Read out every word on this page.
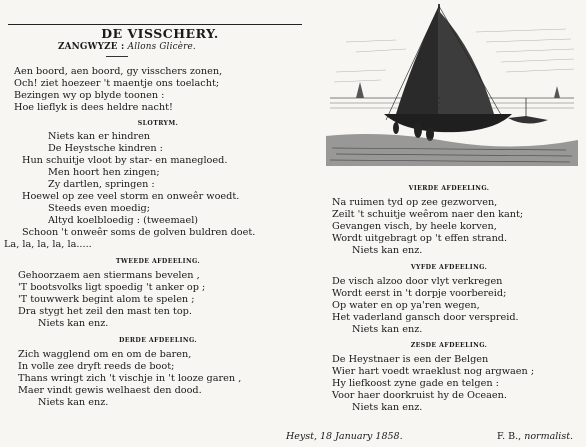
DE VISSCHERY.
ZANGWYZE : Allons Glicère.
Aen boord, aen boord, gy visschers zonen,
Och! ziet hoezeer 't maentje ons toelacht;
Bezingen wy op blyde toonen :
Hoe lieflyk is dees heldre nacht!
SLOTRYM.
Niets kan er hindren
De Heystsche kindren :
Hun schuitje vloot by star- en manegloed.
Men hoort hen zingen;
Zy dartlen, springen :
Hoewel op zee veel storm en onweêr woedt.
Steeds even moedig;
Altyd koelbloedig : (tweemael)
Schoon 't onweêr soms de golven buldren doet.
La, la, la, la, la.....
TWEEDE AFDEELING.
Gehoorzaem aen stiermans bevelen ,
'T bootsvolks ligt spoedig 't anker op ;
'T touwwerk begint alom te spelen ;
Dra stygt het zeil den mast ten top.
Niets kan enz.
DERDE AFDEELING.
Zich wagglend om en om de baren,
In volle zee dryft reeds de boot;
Thans wringt zich 't vischje in 't looze garen ,
Maer vindt gewis welhaest den dood.
Niets kan enz.
VIERDE AFDEELING.
Na ruimen tyd op zee gezworven,
Zeilt 't schuitje weêrom naer den kant;
Gevangen visch, by heele korven,
Wordt uitgebragt op 't effen strand.
Niets kan enz.
VYFDE AFDEELING.
De visch alzoo door vlyt verkregen
Wordt eerst in 't dorpje voorbereid;
Op water en op ya'ren wegen,
Het vaderland gansch door verspreid.
Niets kan enz.
ZESDE AFDEELING.
De Heystnaer is een der Belgen
Wier hart voedt wraeklust nog argwaen ;
Hy liefkoost zyne gade en telgen :
Voor haer doorkruist hy de Oceaen.
Niets kan enz.
Heyst, 18 January 1858.	F. B., normalist.
